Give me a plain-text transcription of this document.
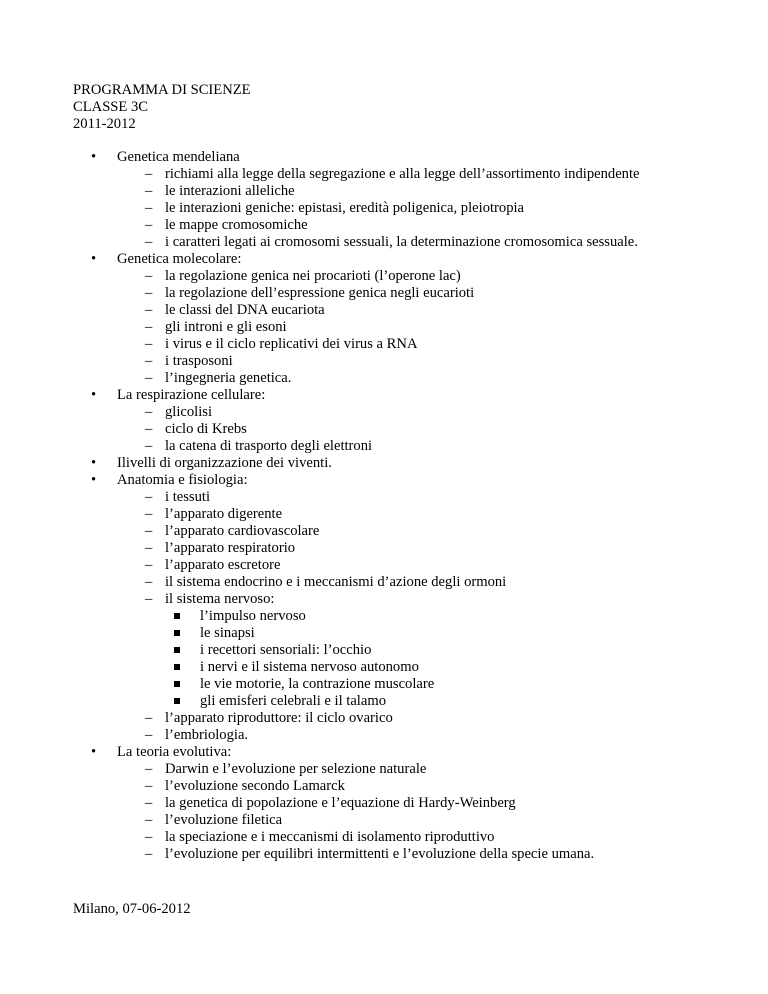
PROGRAMMA DI SCIENZE
CLASSE 3C
2011-2012
• Genetica mendeliana
– richiami alla legge della segregazione e alla legge dell’assortimento indipendente
– le interazioni alleliche
– le interazioni geniche: epistasi, eredità poligenica, pleiotropia
– le mappe cromosomiche
– i caratteri legati ai cromosomi sessuali, la determinazione cromosomica sessuale.
• Genetica molecolare:
– la regolazione genica nei procarioti (l’operone lac)
– la regolazione dell’espressione genica negli eucarioti
– le classi del DNA eucariota
– gli introni e gli esoni
– i virus e il ciclo replicativi dei virus a RNA
– i trasposoni
– l’ingegneria genetica.
• La respirazione cellulare:
– glicolisi
– ciclo di Krebs
– la catena di trasporto degli elettroni
• Ilivelli di organizzazione dei viventi.
• Anatomia e fisiologia:
– i tessuti
– l’apparato digerente
– l’apparato cardiovascolare
– l’apparato respiratorio
– l’apparato escretore
– il sistema endocrino e i meccanismi d’azione degli ormoni
– il sistema nervoso:
l’impulso nervoso
le sinapsi
i recettori sensoriali: l’occhio
i nervi e il sistema nervoso autonomo
le vie motorie, la contrazione muscolare
gli emisferi celebrali e il talamo
– l’apparato riproduttore: il ciclo ovarico
– l’embriologia.
• La teoria evolutiva:
– Darwin e l’evoluzione per selezione naturale
– l’evoluzione secondo Lamarck
– la genetica di popolazione e l’equazione di Hardy-Weinberg
– l’evoluzione filetica
– la speciazione e i meccanismi di isolamento riproduttivo
– l’evoluzione per equilibri intermittenti e l’evoluzione della specie umana.
Milano, 07-06-2012
